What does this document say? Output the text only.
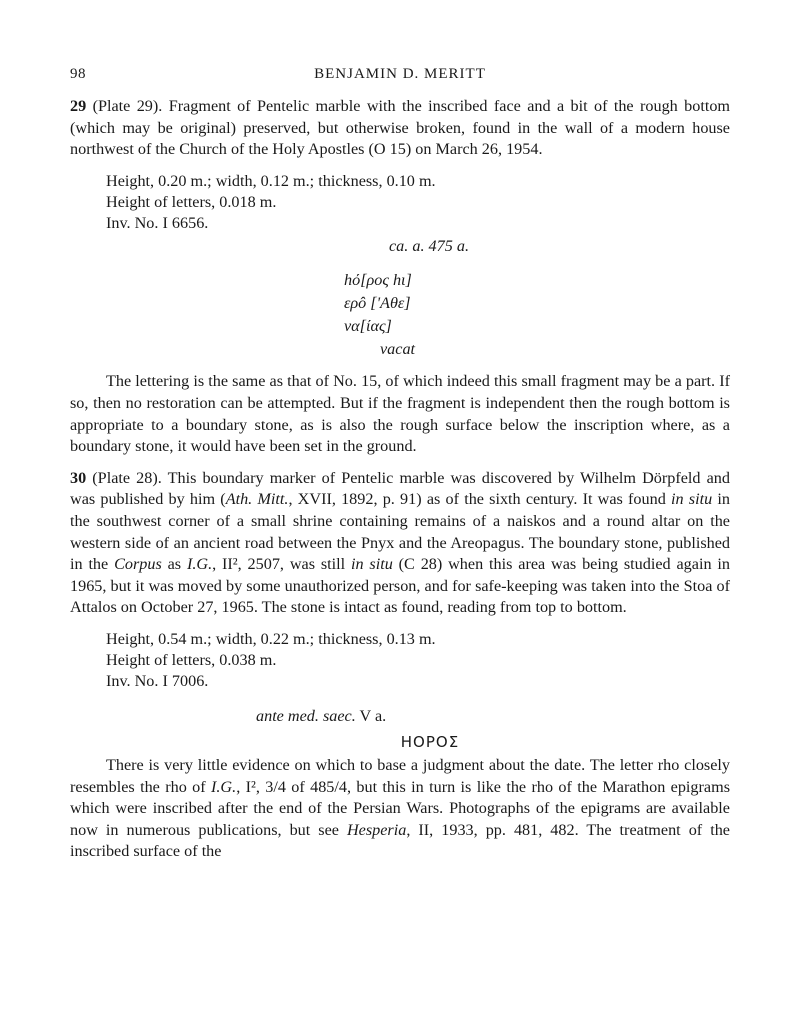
98	BENJAMIN D. MERITT

29 (Plate 29). Fragment of Pentelic marble with the inscribed face and a bit of the rough bottom (which may be original) preserved, but otherwise broken, found in the wall of a modern house northwest of the Church of the Holy Apostles (O 15) on March 26, 1954.

Height, 0.20 m.; width, 0.12 m.; thickness, 0.10 m.
Height of letters, 0.018 m.
Inv. No. I 6656.
ca. a. 475 a.
hό[ρος hι]
ερô ['Αθε]
να[ίας]
vacat

The lettering is the same as that of No. 15, of which indeed this small fragment may be a part. If so, then no restoration can be attempted. But if the fragment is independent then the rough bottom is appropriate to a boundary stone, as is also the rough surface below the inscription where, as a boundary stone, it would have been set in the ground.

30 (Plate 28). This boundary marker of Pentelic marble was discovered by Wilhelm Dörpfeld and was published by him (Ath. Mitt., XVII, 1892, p. 91) as of the sixth century. It was found in situ in the southwest corner of a small shrine containing remains of a naiskos and a round altar on the western side of an ancient road between the Pnyx and the Areopagus. The boundary stone, published in the Corpus as I.G., II², 2507, was still in situ (C 28) when this area was being studied again in 1965, but it was moved by some unauthorized person, and for safe-keeping was taken into the Stoa of Attalos on October 27, 1965. The stone is intact as found, reading from top to bottom.

Height, 0.54 m.; width, 0.22 m.; thickness, 0.13 m.
Height of letters, 0.038 m.
Inv. No. I 7006.
ante med. saec. V a.
HOPOΣ

There is very little evidence on which to base a judgment about the date. The letter rho closely resembles the rho of I.G., I², 3/4 of 485/4, but this in turn is like the rho of the Marathon epigrams which were inscribed after the end of the Persian Wars. Photographs of the epigrams are available now in numerous publications, but see Hesperia, II, 1933, pp. 481, 482. The treatment of the inscribed surface of the
